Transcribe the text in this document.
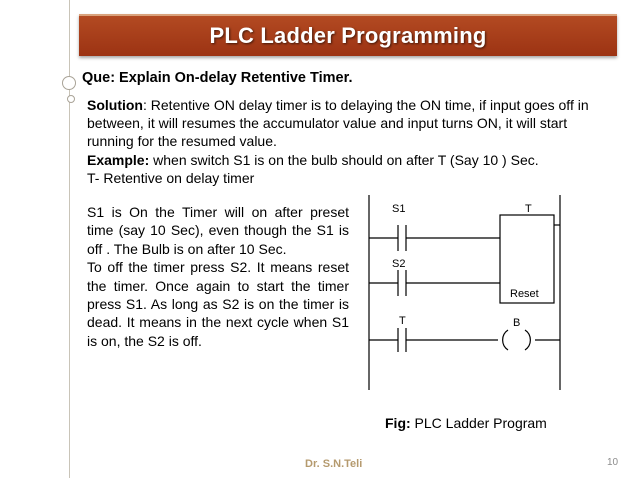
PLC Ladder Programming
Que: Explain On-delay Retentive Timer.
Solution: Retentive ON delay timer is to delaying the ON time, if input goes off in between, it will resumes the accumulator value and input turns ON, it will start running for the resumed value.
Example: when switch S1 is on the bulb should on after T (Say 10 ) Sec.
T- Retentive on delay timer
S1 is On the Timer will on after preset time (say 10 Sec), even though the S1 is off . The Bulb is on after 10 Sec.
To off the timer press S2. It means reset the timer. Once again to start the timer press S1. As long as S2 is on the timer is dead. It means in the next cycle when S1 is on, the S2 is off.
S1	T
S2
Reset
T	B
Fig: PLC Ladder Program
Dr. S.N.Teli	10
